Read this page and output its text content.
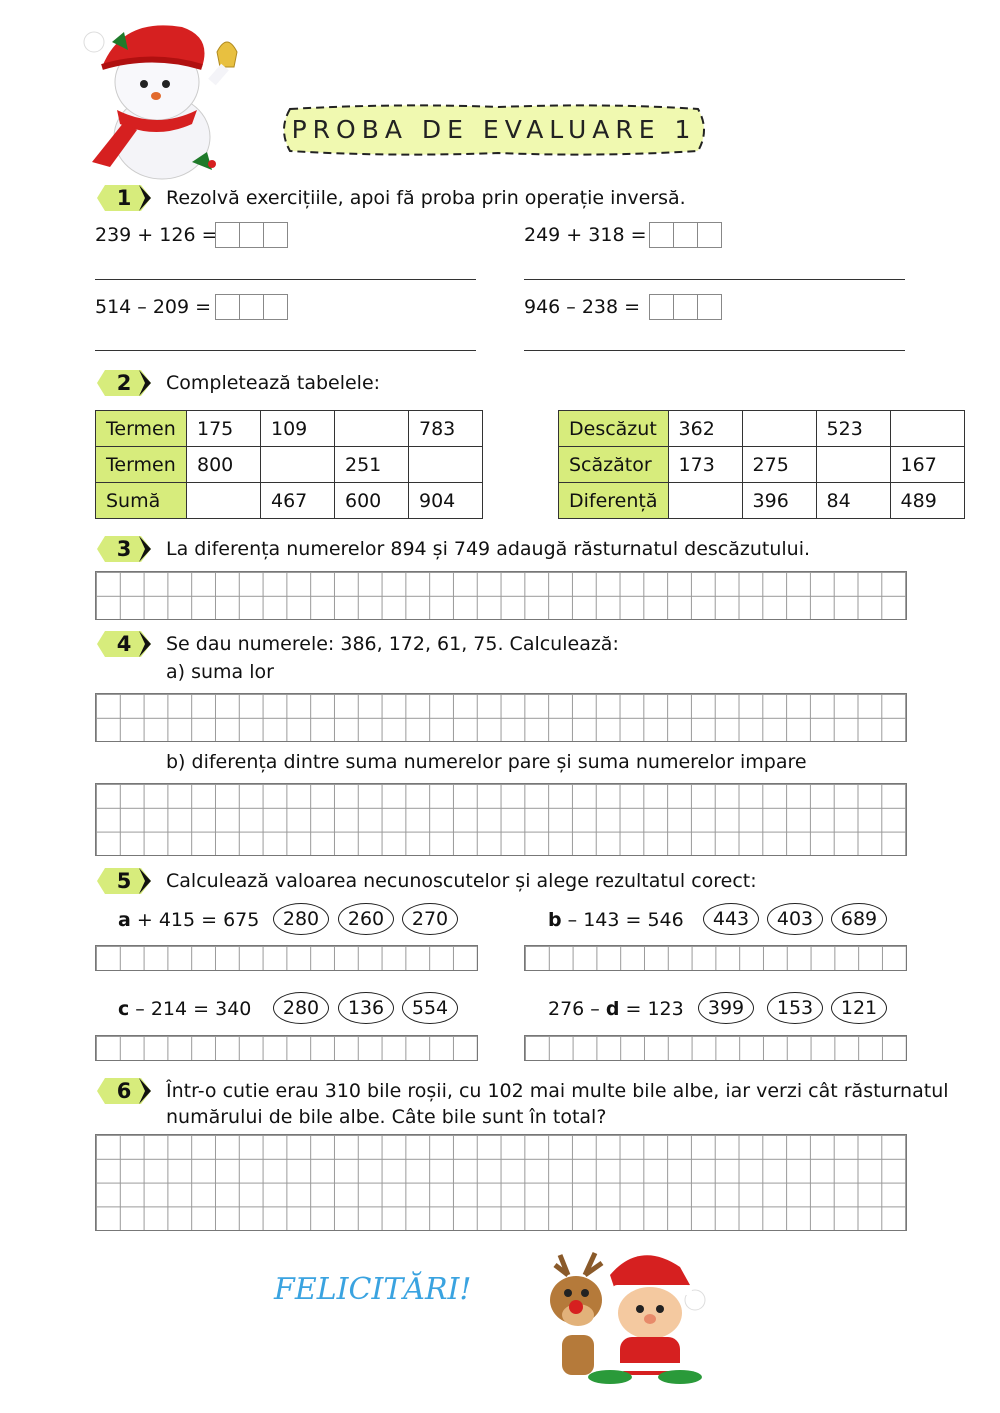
PROBA DE EVALUARE 1
1	Rezolvă exercițiile, apoi fă proba prin operație inversă.
239 + 126 =	249 + 318 =
514 – 209 =	946 – 238 =
2	Completează tabelele:
Termen	175	109		783
Termen	800		251	
Sumă		467	600	904
Descăzut	362		523	
Scăzător	173	275		167
Diferență		396	84	489
3	La diferența numerelor 894 și 749 adaugă răsturnatul descăzutului.
4	Se dau numerele: 386, 172, 61, 75. Calculează:
a) suma lor
b) diferența dintre suma numerelor pare și suma numerelor impare
5	Calculează valoarea necunoscutelor și alege rezultatul corect:
a + 415 = 675	280	260	270	b – 143 = 546	443	403	689
c – 214 = 340	280	136	554	276 – d = 123	399	153	121
6	Într-o cutie erau 310 bile roșii, cu 102 mai multe bile albe, iar verzi cât răsturnatul
numărului de bile albe. Câte bile sunt în total?
FELICITĂRI!
